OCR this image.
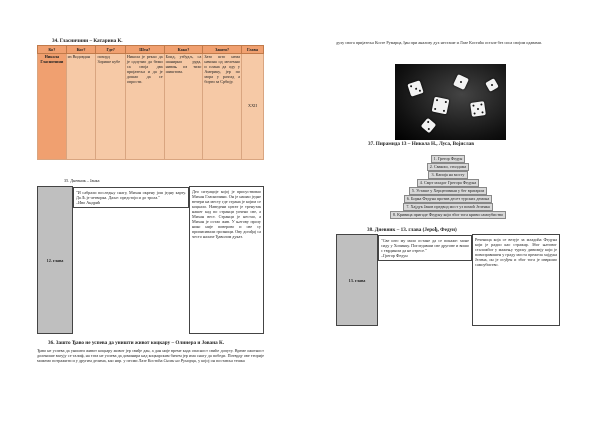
34. Гласничини – Катарина К.
Ко?	Ког?	Где?	Шта?	Како?	Зашто?	Глава
Никола Гласничини	из Видовдан	позорд Зорише кубе	Никола је рекао да је одлучио да бежи са своја два пријатеља и да је дошао да се опрости.	Боид, узбудљ, са шанирни руда, нивоњ из тихо шиштова.	Зато што нема начина од мелемно и плана да оду у Америку, јер по мора у разгад а борти за Србију.	XXII
35. Дневник – Јанка
12. глава	
"И сабрали последњу снагу, Михан окрену још једну карту. Да Љ је четворка. Даље: предстоји и до трола."
–Иво Андрић
Део ситуације којој је присуствовао Михан Гласничини. Он је нашао једне вечери на месту где страна је којим се коцкало. Наведени цитат је тренутак нашег кад по странци уочено све, а Михан вест. Странци је нестао, а Михан је остао жив. У његову пролу нико није поверово и све су приписивали грозници. Ову догађај са често налазе Ђаволом дукат.
36. Зашто Ђаво не успева да уништи живот коцкару – Олинера и Јована К.
Ђаво не успева да уништи живот коцкару живот јер свиђе дан, а дан није време када опасност свиће допуту. Време ожотност доленише вагују се талиф, на тата не успева да доминира над коцкарским бичем јер има снагу да победи. Потврду ове теорије можемо потражити и у другим делима, као нпр. у песми Лазе Костића Снови на Румарци, у којој он поставља тешка
духу свога пријатеља Косте Румарца, ђан при анализу дух несташе и Лазе Костића остале без сиса својим одавами.
37. Пирамида 13 – Никола Н., Луса, Војислав
1. Грегор Федун
2. Свакош, стилдама
3. Капија на мосту
4. Смрт младог Грегора Федуна
5. Усташе у Херцеговини у бег вратаром
6. Борка Федуна против десет турских демона
7. Хајдук Јаков предвод мост уз помоћ Јеленка
8. Кривица пригаде Федуну који због тога криви самоубиство
38. Дневник – 13. глава (Јерођ, Федун)
13. глава	
"Све што му мало остане да се покаже: моне сиду у Хопинку. Погледавши све другове и вишо с тврдином да не отресе."
–Грегор Федун
Реченица која се везује за младића Федуна који је радио као стражар. Због његовог сталожбог у мажењу турску дивизију који је повоправишен у граду моста прежела хајдука Јелена, он је осуђен и због тога је извршио самоубиство.
